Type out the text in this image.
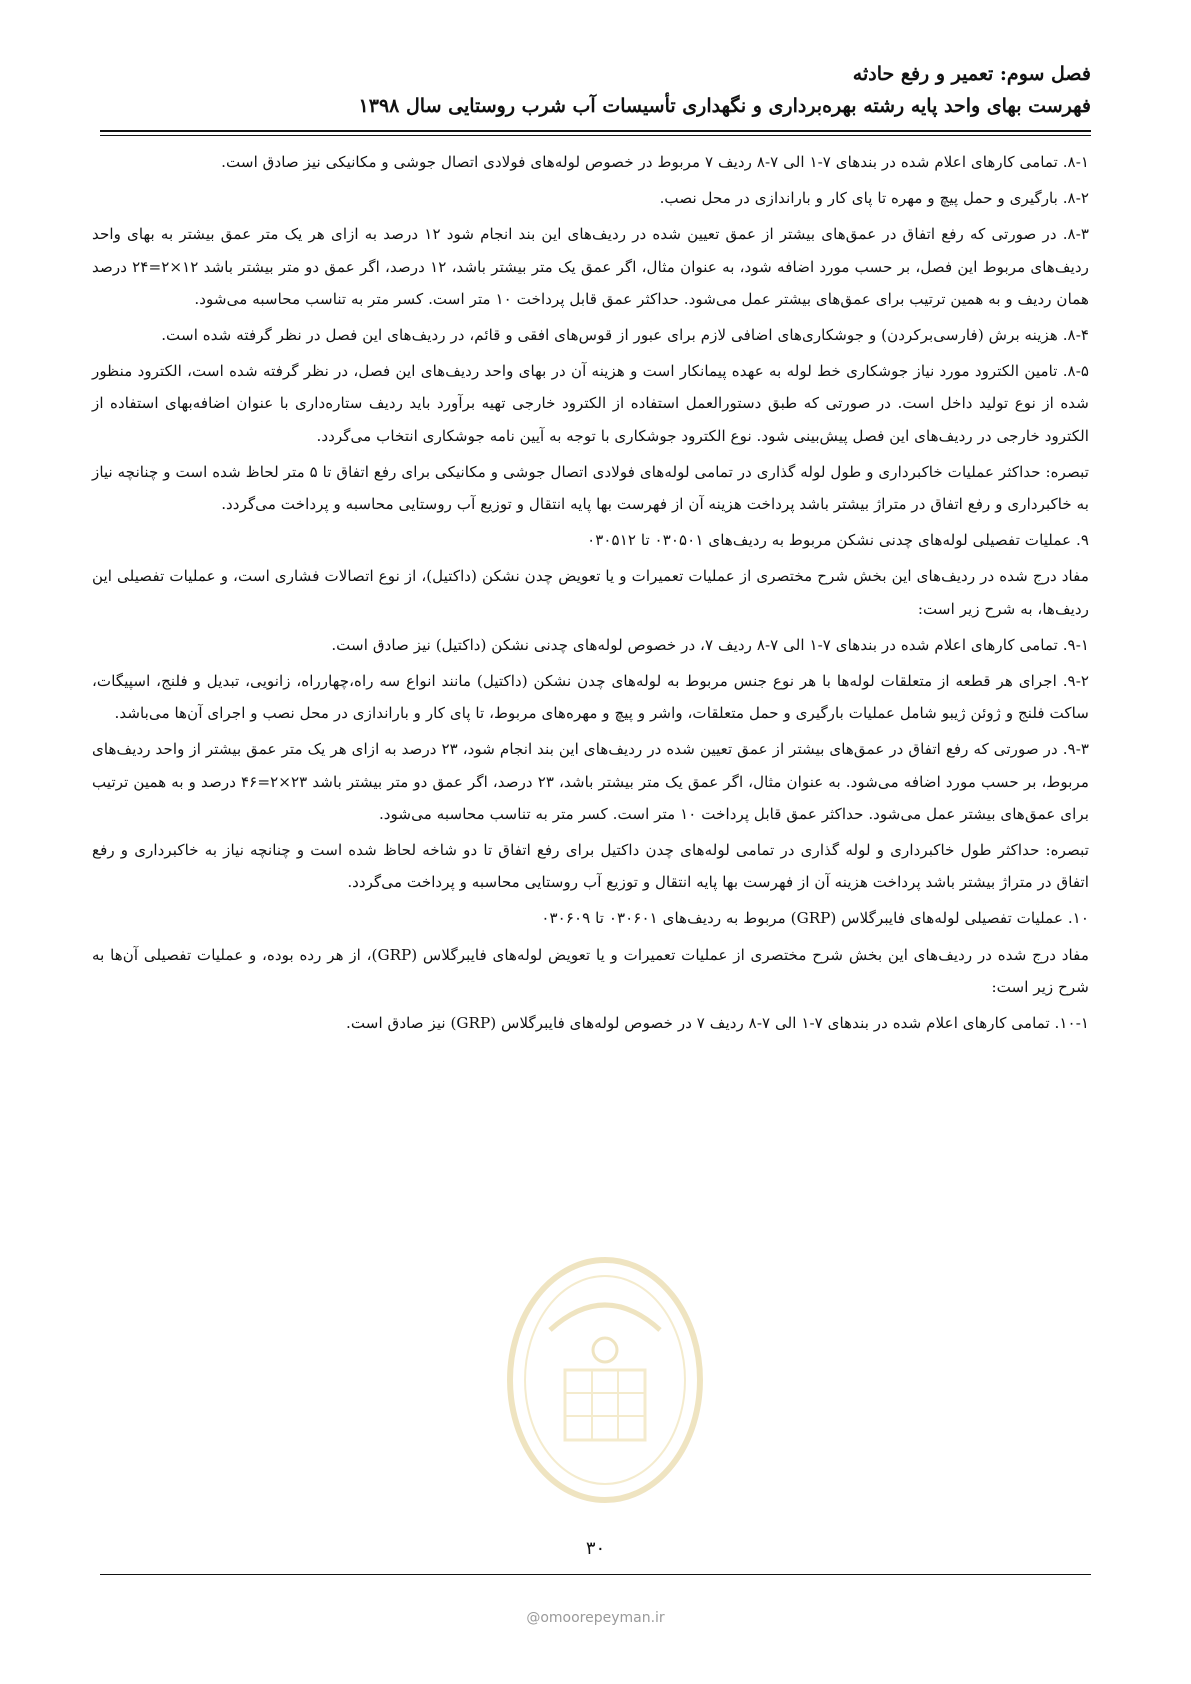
فصل سوم: تعمیر و رفع حادثه
فهرست بهای واحد پایه رشته بهره‌برداری و نگهداری تأسیسات آب شرب روستایی سال ۱۳۹۸

۸-۱. تمامی کارهای اعلام شده در بندهای ۷-۱ الی ۷-۸ ردیف ۷ مربوط در خصوص لوله‌های فولادی اتصال جوشی و مکانیکی نیز صادق است.

۸-۲. بارگیری و حمل پیچ و مهره تا پای کار و باراندازی در محل نصب.

۸-۳. در صورتی که رفع اتفاق در عمق‌های بیشتر از عمق تعیین شده در ردیف‌های این بند انجام شود ۱۲ درصد به ازای هر یک متر عمق بیشتر به بهای واحد ردیف‌های مربوط این فصل، بر حسب مورد اضافه شود، به عنوان مثال، اگر عمق یک متر بیشتر باشد، ۱۲ درصد، اگر عمق دو متر بیشتر باشد ۱۲×۲=۲۴ درصد همان ردیف و به همین ترتیب برای عمق‌های بیشتر عمل می‌شود. حداکثر عمق قابل پرداخت ۱۰ متر است. کسر متر به تناسب محاسبه می‌شود.

۸-۴. هزینه برش (فارسی‌برکردن) و جوشکاری‌های اضافی لازم برای عبور از قوس‌های افقی و قائم، در ردیف‌های این فصل در نظر گرفته شده است.

۸-۵. تامین الکترود مورد نیاز جوشکاری خط لوله به عهده پیمانکار است و هزینه آن در بهای واحد ردیف‌های این فصل، در نظر گرفته شده است، الکترود منظور شده از نوع تولید داخل است. در صورتی که طبق دستورالعمل استفاده از الکترود خارجی تهیه برآورد باید ردیف ستاره‌داری با عنوان اضافه‌بهای استفاده از الکترود خارجی در ردیف‌های این فصل پیش‌بینی شود. نوع الکترود جوشکاری با توجه به آیین نامه جوشکاری انتخاب می‌گردد.

تبصره: حداکثر عملیات خاکبرداری و طول لوله گذاری در تمامی لوله‌های فولادی اتصال جوشی و مکانیکی برای رفع اتفاق تا ۵ متر لحاظ شده است و چنانچه نیاز به خاکبرداری و رفع اتفاق در متراژ بیشتر باشد پرداخت هزینه آن از فهرست بها پایه انتقال و توزیع آب روستایی محاسبه و پرداخت می‌گردد.

۹. عملیات تفصیلی لوله‌های چدنی نشکن مربوط به ردیف‌های ۰۳۰۵۰۱ تا ۰۳۰۵۱۲

مفاد درج شده در ردیف‌های این بخش شرح مختصری از عملیات تعمیرات و یا تعویض چدن نشکن (داکتیل)، از نوع اتصالات فشاری است، و عملیات تفصیلی این ردیف‌ها، به شرح زیر است:

۹-۱. تمامی کارهای اعلام شده در بندهای ۷-۱ الی ۷-۸ ردیف ۷، در خصوص لوله‌های چدنی نشکن (داکتیل) نیز صادق است.

۹-۲. اجرای هر قطعه از متعلقات لوله‌ها با هر نوع جنس مربوط به لوله‌های چدن نشکن (داکتیل) مانند انواع سه راه،چهارراه، زانویی، تبدیل و فلنج، اسپیگات، ساکت فلنج و ژوئن ژیبو شامل عملیات بارگیری و حمل متعلقات، واشر و پیچ و مهره‌های مربوط، تا پای کار و باراندازی در محل نصب و اجرای آن‌ها می‌باشد.

۹-۳. در صورتی که رفع اتفاق در عمق‌های بیشتر از عمق تعیین شده در ردیف‌های این بند انجام شود، ۲۳ درصد به ازای هر یک متر عمق بیشتر از واحد ردیف‌های مربوط، بر حسب مورد اضافه می‌شود. به عنوان مثال، اگر عمق یک متر بیشتر باشد، ۲۳ درصد، اگر عمق دو متر بیشتر باشد ۲۳×۲=۴۶ درصد و به همین ترتیب برای عمق‌های بیشتر عمل می‌شود. حداکثر عمق قابل پرداخت ۱۰ متر است. کسر متر به تناسب محاسبه می‌شود.

تبصره: حداکثر طول خاکبرداری و لوله گذاری در تمامی لوله‌های چدن داکتیل برای رفع اتفاق تا دو شاخه لحاظ شده است و چنانچه نیاز به خاکبرداری و رفع اتفاق در متراژ بیشتر باشد پرداخت هزینه آن از فهرست بها پایه انتقال و توزیع آب روستایی محاسبه و پرداخت می‌گردد.

۱۰. عملیات تفصیلی لوله‌های فایبرگلاس (GRP) مربوط به ردیف‌های ۰۳۰۶۰۱ تا ۰۳۰۶۰۹

مفاد درج شده در ردیف‌های این بخش شرح مختصری از عملیات تعمیرات و یا تعویض لوله‌های فایبرگلاس (GRP)، از هر رده بوده، و عملیات تفصیلی آن‌ها به شرح زیر است:

۱۰-۱. تمامی کارهای اعلام شده در بندهای ۷-۱ الی ۷-۸ ردیف ۷ در خصوص لوله‌های فایبرگلاس (GRP) نیز صادق است.

۳۰
@omoorepeyman.ir
